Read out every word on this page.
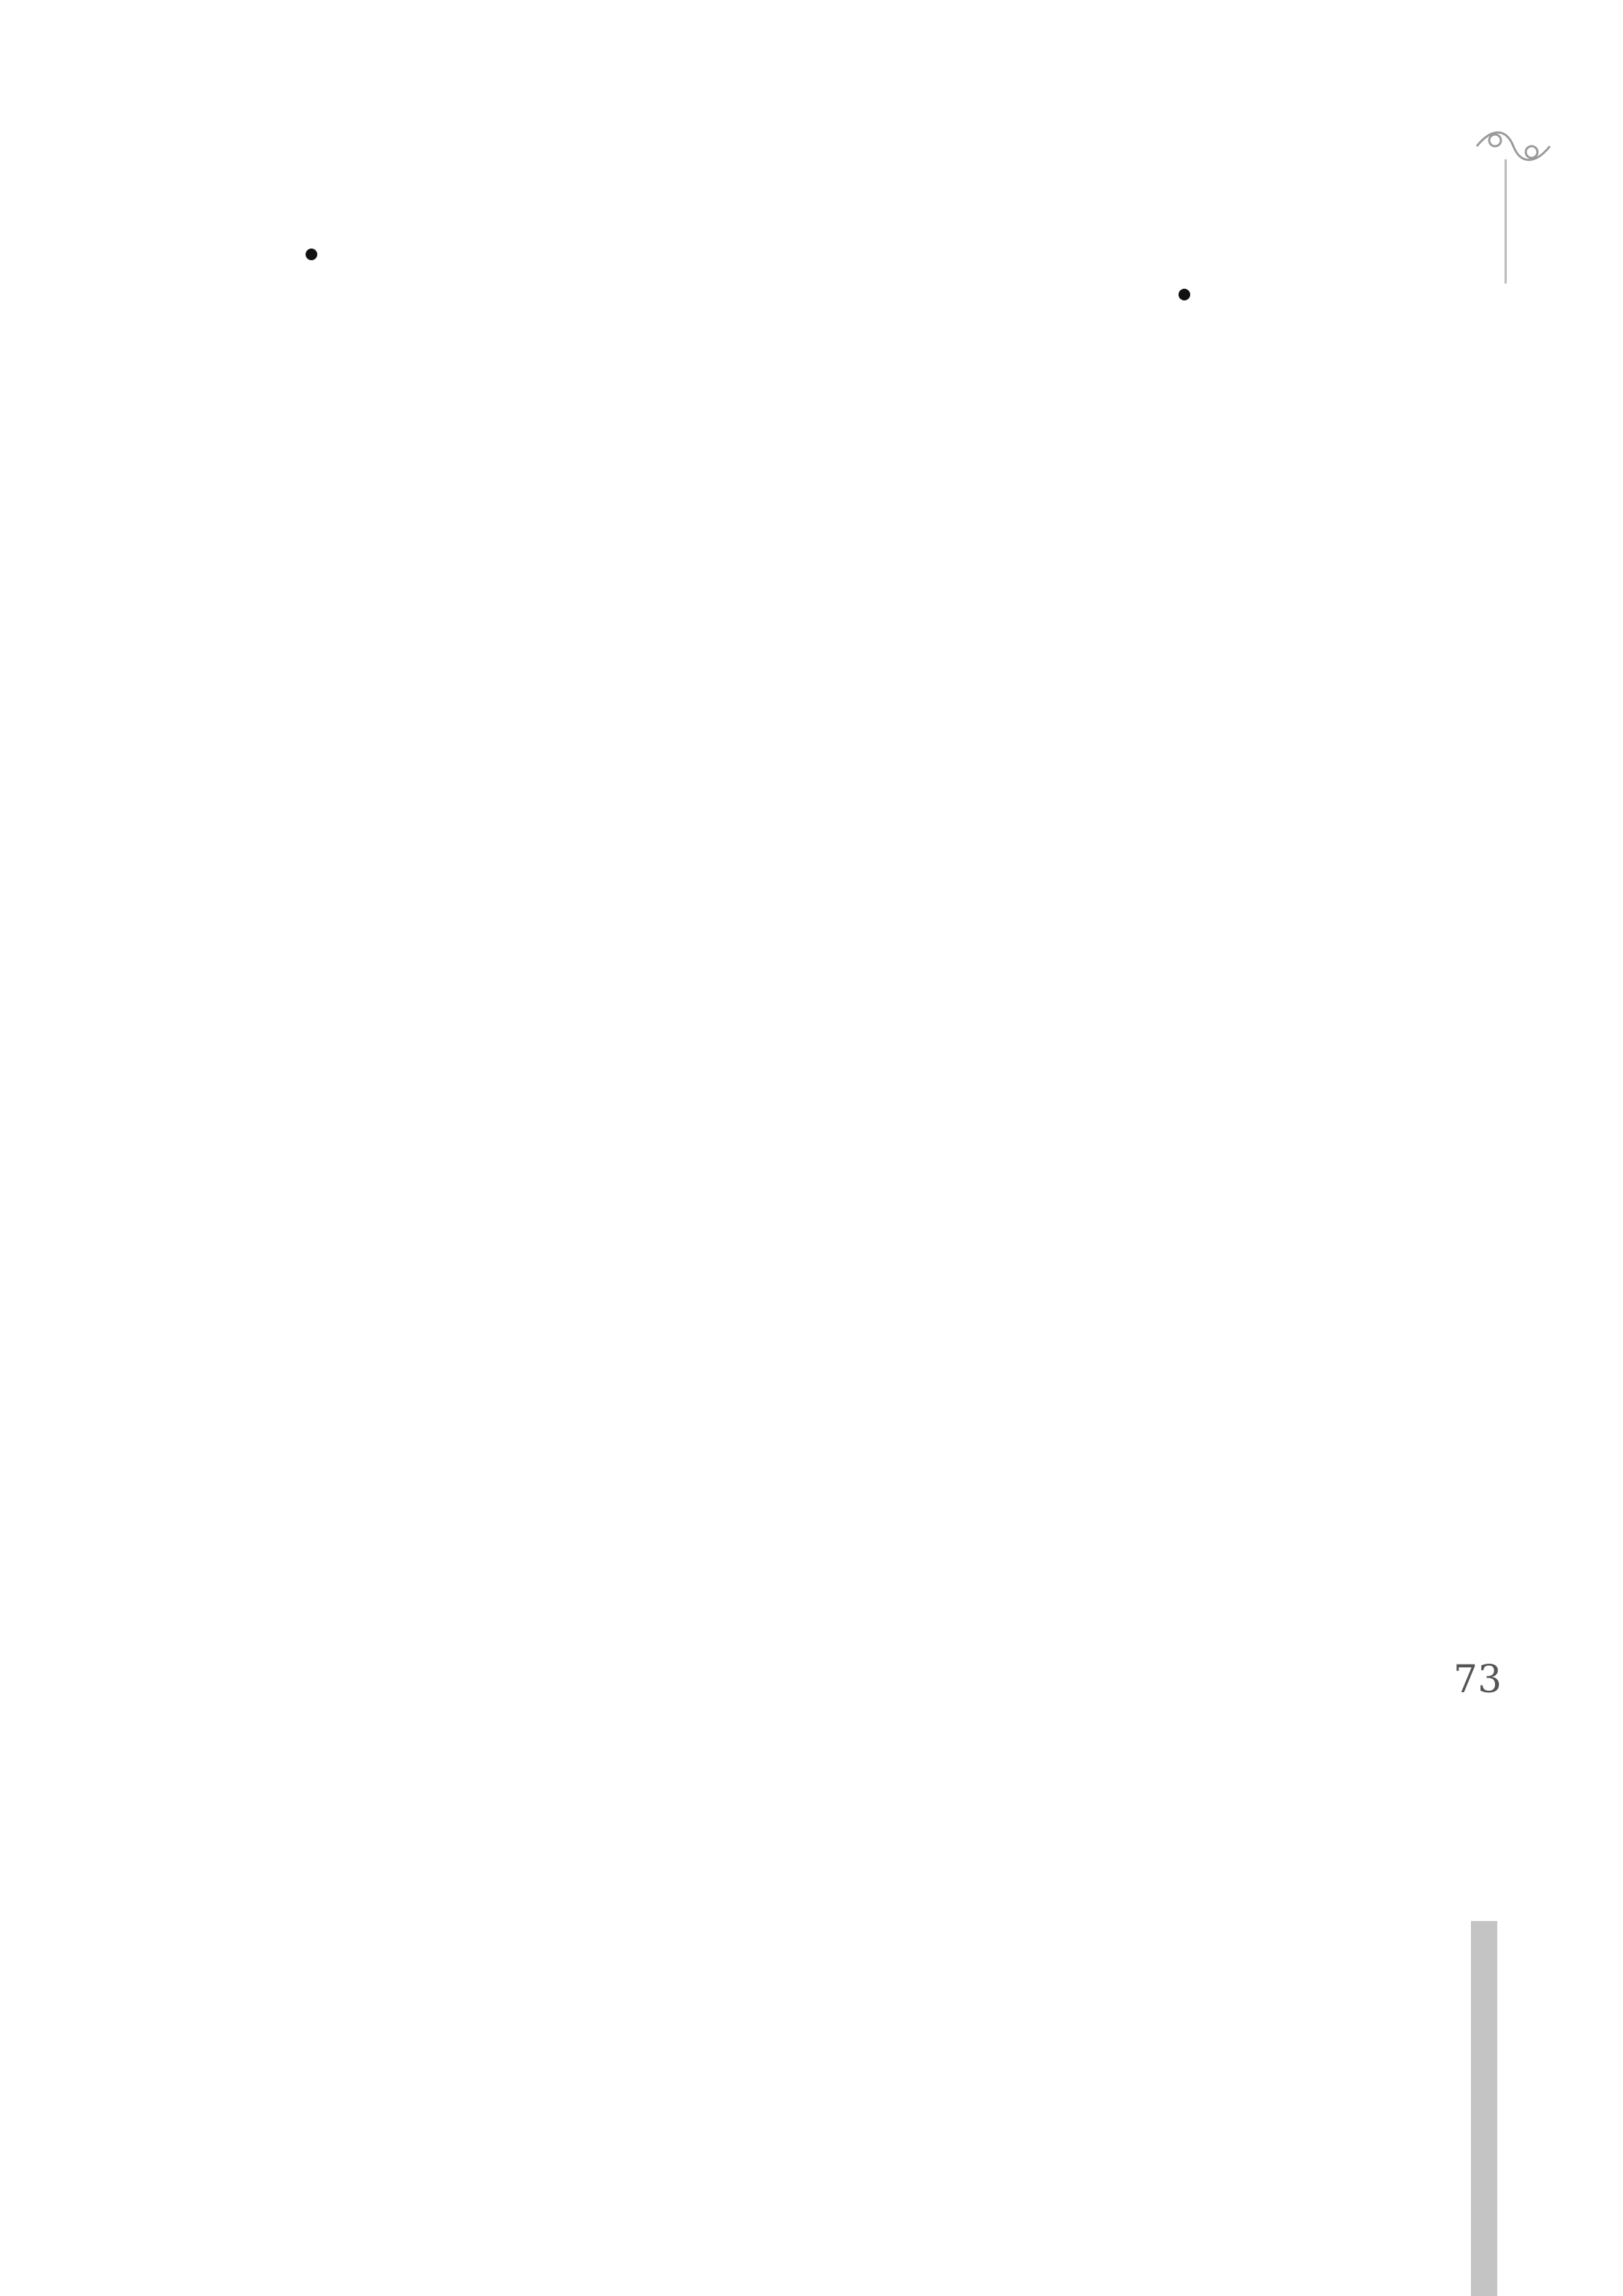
73
